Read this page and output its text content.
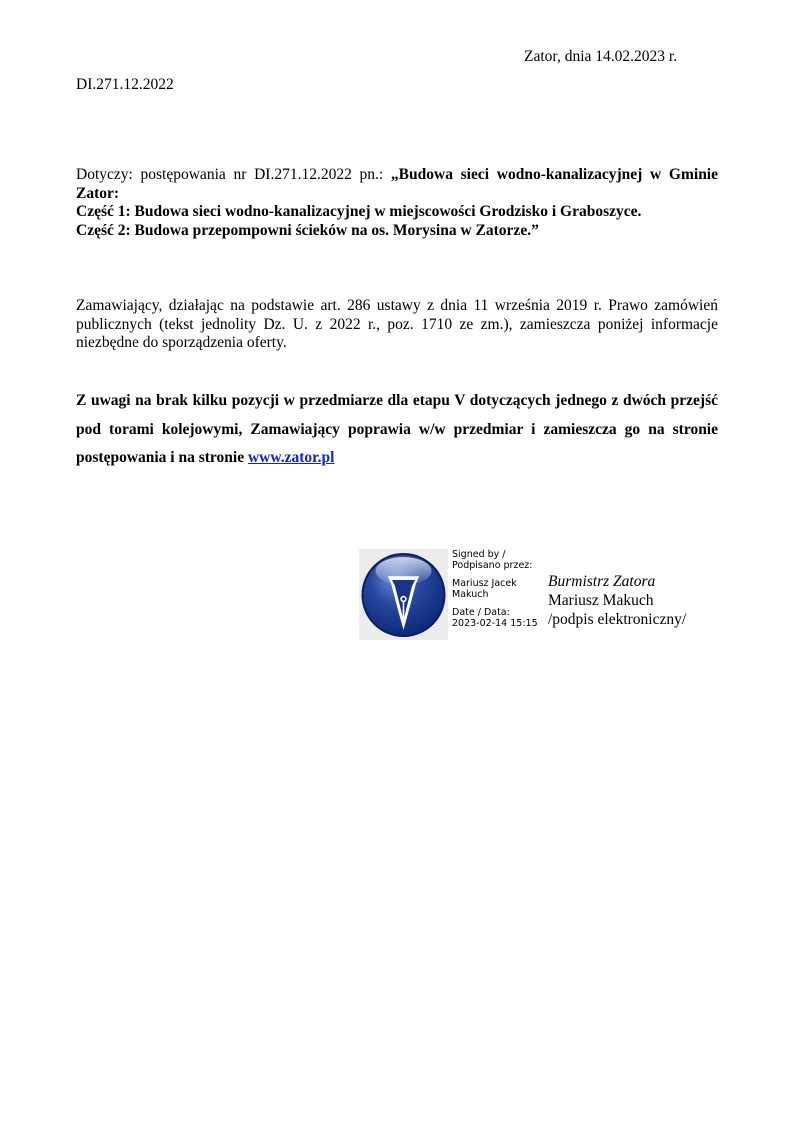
Zator, dnia 14.02.2023 r.
DI.271.12.2022
Dotyczy: postępowania nr DI.271.12.2022 pn.: „Budowa sieci wodno-kanalizacyjnej w Gminie Zator:
Część 1: Budowa sieci wodno-kanalizacyjnej w miejscowości Grodzisko i Graboszyce.
Część 2: Budowa przepompowni ścieków na os. Morysina w Zatorze.”
Zamawiający, działając na podstawie art. 286 ustawy z dnia 11 września 2019 r. Prawo zamówień publicznych (tekst jednolity Dz. U. z 2022 r., poz. 1710 ze zm.), zamieszcza poniżej informacje niezbędne do sporządzenia oferty.
Z uwagi na brak kilku pozycji w przedmiarze dla etapu V dotyczących jednego z dwóch przejść pod torami kolejowymi, Zamawiający poprawia w/w przedmiar i zamieszcza go na stronie postępowania i na stronie www.zator.pl
Signed by /
Podpisano przez:
Mariusz Jacek
Makuch
Date / Data:
2023-02-14 15:15
Burmistrz Zatora
Mariusz Makuch
/podpis elektroniczny/
